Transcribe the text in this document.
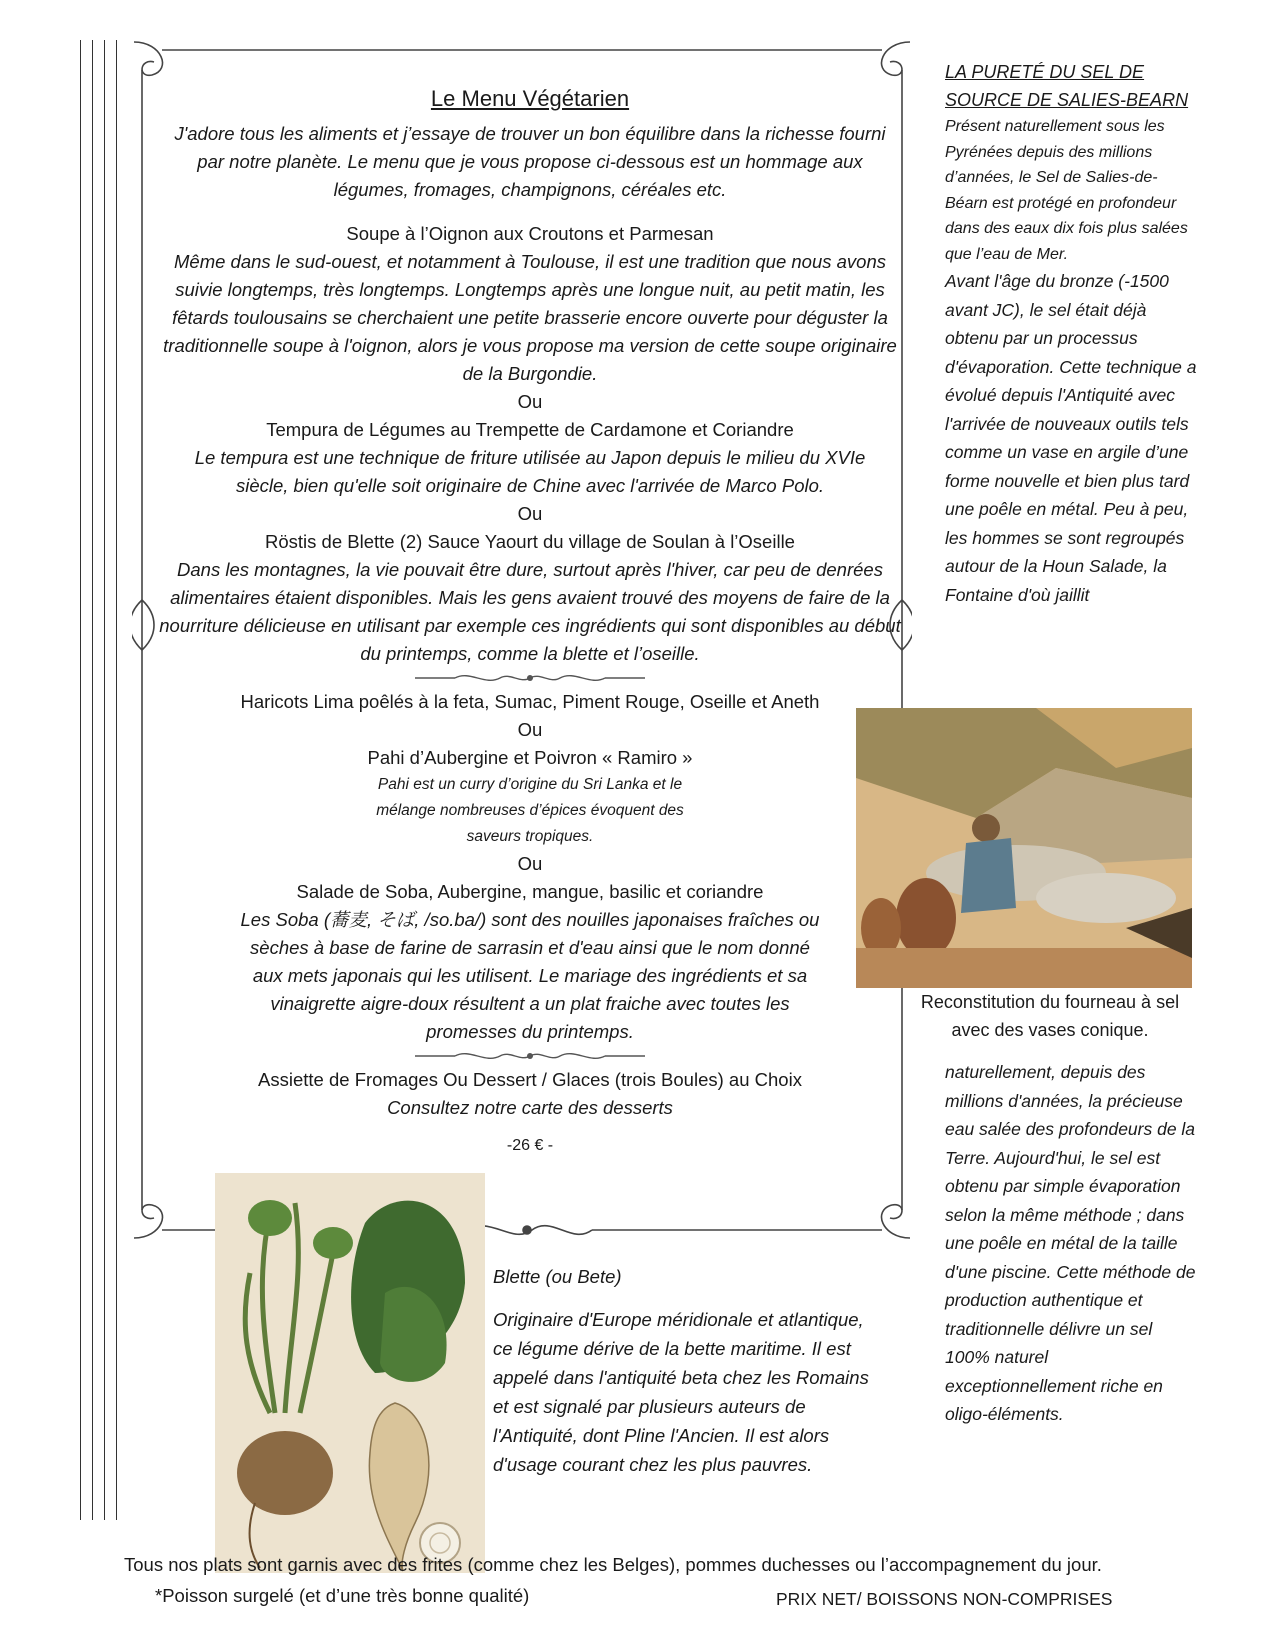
Le Menu Végétarien

J'adore tous les aliments et j’essaye de trouver un bon équilibre dans la richesse fourni par notre planète. Le menu que je vous propose ci-dessous est un hommage aux légumes, fromages, champignons, céréales etc.

Soupe à l’Oignon aux Croutons et Parmesan

Même dans le sud-ouest, et notamment à Toulouse, il est une tradition que nous avons suivie longtemps, très longtemps. Longtemps après une longue nuit, au petit matin, les fêtards toulousains se cherchaient une petite brasserie encore ouverte pour déguster la traditionnelle soupe à l'oignon, alors je vous propose ma version de cette soupe originaire de la Burgondie.

Ou

Tempura de Légumes au Trempette de Cardamone et Coriandre

Le tempura est une technique de friture utilisée au Japon depuis le milieu du XVIe siècle, bien qu'elle soit originaire de Chine avec l'arrivée de Marco Polo.

Ou

Röstis de Blette (2) Sauce Yaourt du village de Soulan à l’Oseille

Dans les montagnes, la vie pouvait être dure, surtout après l'hiver, car peu de denrées alimentaires étaient disponibles. Mais les gens avaient trouvé des moyens de faire de la nourriture délicieuse en utilisant par exemple ces ingrédients qui sont disponibles au début du printemps, comme la blette et l’oseille.

Haricots Lima poêlés à la feta, Sumac, Piment Rouge, Oseille et Aneth

Ou

Pahi d’Aubergine et Poivron « Ramiro »

Pahi est un curry d’origine du Sri Lanka et le mélange nombreuses d’épices évoquent des saveurs tropiques.

Ou

Salade de Soba, Aubergine, mangue, basilic et coriandre

Les Soba (蕎麦, そば, /so.ba/) sont des nouilles japonaises fraîches ou sèches à base de farine de sarrasin et d'eau ainsi que le nom donné aux mets japonais qui les utilisent. Le mariage des ingrédients et sa vinaigrette aigre-doux résultent a un plat fraiche avec toutes les promesses du printemps.

Assiette de Fromages Ou Dessert / Glaces (trois Boules) au Choix

Consultez notre carte des desserts

-26 € -

LA PURETÉ DU SEL DE SOURCE DE SALIES-BEARN

Présent naturellement sous les Pyrénées depuis des millions d’années, le Sel de Salies-de-Béarn est protégé en profondeur dans des eaux dix fois plus salées que l’eau de Mer.

Avant l'âge du bronze (-1500 avant JC), le sel était déjà obtenu par un processus d'évaporation. Cette technique a évolué depuis l'Antiquité avec l'arrivée de nouveaux outils tels comme un vase en argile d’une forme nouvelle et bien plus tard une poêle en métal. Peu à peu, les hommes se sont regroupés autour de la Houn Salade, la Fontaine d'où jaillit

Reconstitution du fourneau à sel avec des vases conique.

naturellement, depuis des millions d'années, la précieuse eau salée des profondeurs de la Terre. Aujourd'hui, le sel est obtenu par simple évaporation selon la même méthode ; dans une poêle en métal de la taille d'une piscine. Cette méthode de production authentique et traditionnelle délivre un sel 100% naturel exceptionnellement riche en oligo-éléments.

Blette (ou Bete)

Originaire d'Europe méridionale et atlantique, ce légume dérive de la bette maritime. Il est appelé dans l'antiquité beta chez les Romains et est signalé par plusieurs auteurs de l'Antiquité, dont Pline l'Ancien. Il est alors d'usage courant chez les plus pauvres.

Tous nos plats sont garnis avec des frites (comme chez les Belges), pommes duchesses ou l’accompagnement du jour.
*Poisson surgelé (et d’une très bonne qualité)	PRIX NET/ BOISSONS NON-COMPRISES
